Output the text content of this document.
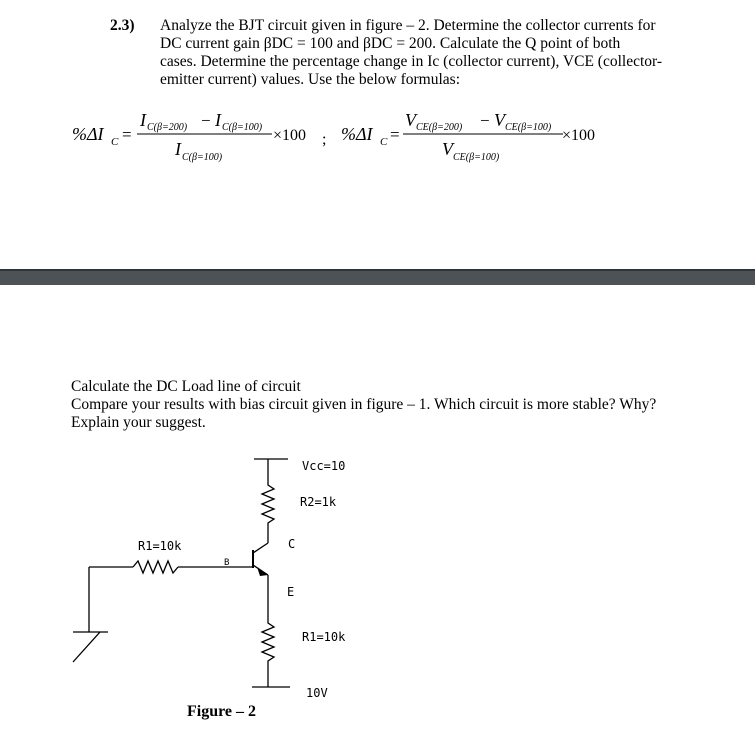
2.3) Analyze the BJT circuit given in figure – 2. Determine the collector currents for
DC current gain βDC = 100 and βDC = 200. Calculate the Q point of both
cases. Determine the percentage change in Ic (collector current), VCE (collector-
emitter current) values. Use the below formulas:
%ΔI C =
I C(β=200) − I C(β=100)
I C(β=100)
×100 ; %ΔI C =
V CE(β=200) − V CE(β=100)
V CE(β=100)
×100
Calculate the DC Load line of circuit
Compare your results with bias circuit given in figure – 1. Which circuit is more stable? Why?
Explain your suggest.
Vcc=10
R2=1k
C
R1=10k
B
E
R1=10k
10V
Figure – 2
